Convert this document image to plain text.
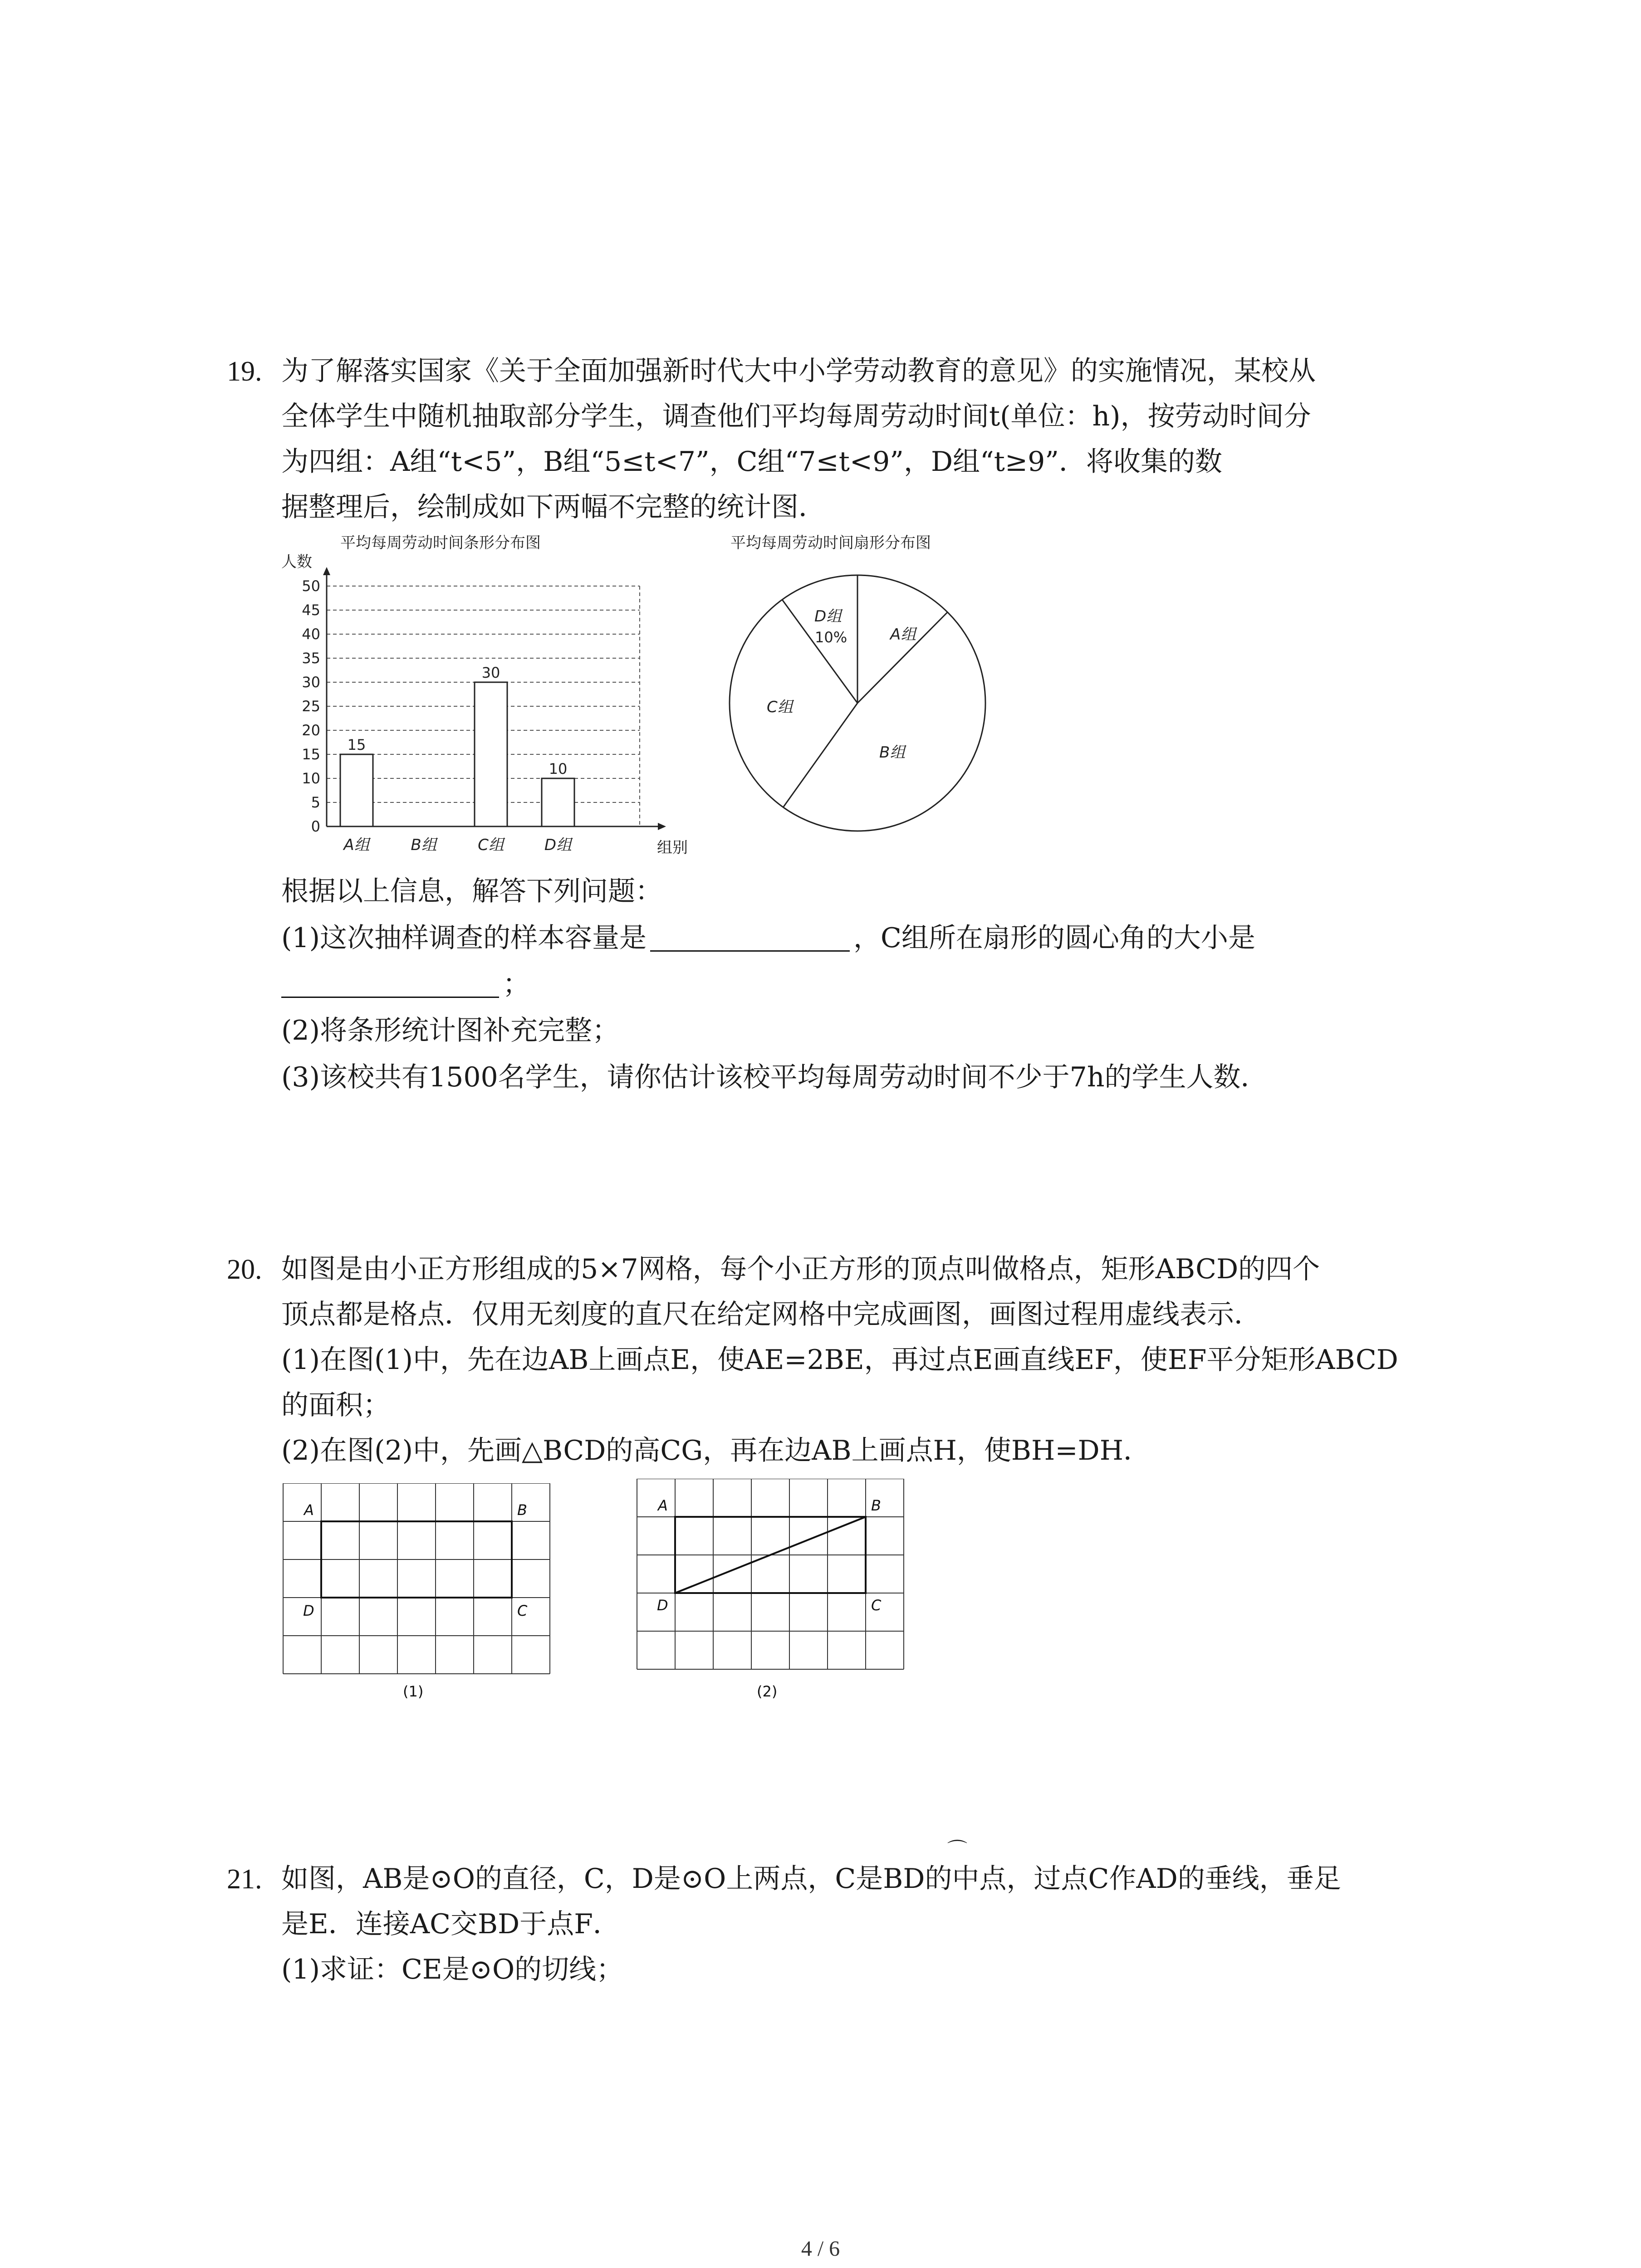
19. 为了解落实国家《关于全面加强新时代大中小学劳动教育的意见》的实施情况，某校从
全体学生中随机抽取部分学生，调查他们平均每周劳动时间t(单位：h)，按劳动时间分
为四组：A组“t<5”，B组“5≤t<7”，C组“7≤t<9”，D组“t≥9”．将收集的数
据整理后，绘制成如下两幅不完整的统计图．
平均每周劳动时间条形分布图
人数
组别
0
5
10
15
20
25
30
35
40
45
50
15
30
10
A组	B组	C组	D组
平均每周劳动时间扇形分布图
D组
10%	A组
C组
B组
根据以上信息，解答下列问题：
(1)这次抽样调查的样本容量是	，C组所在扇形的圆心角的大小是
；
(2)将条形统计图补充完整；
(3)该校共有1500名学生，请你估计该校平均每周劳动时间不少于7h的学生人数．
20. 如图是由小正方形组成的5×7网格，每个小正方形的顶点叫做格点，矩形ABCD的四个
顶点都是格点．仅用无刻度的直尺在给定网格中完成画图，画图过程用虚线表示．
(1)在图(1)中，先在边AB上画点E，使AE=2BE，再过点E画直线EF，使EF平分矩形ABCD
的面积；
(2)在图(2)中，先画△BCD的高CG，再在边AB上画点H，使BH=DH．
A	B
D	C
(1)
A	B
D	C
(2)
⌒
21. 如图，AB是⊙O的直径，C，D是⊙O上两点，C是BD的中点，过点C作AD的垂线，垂足
是E．连接AC交BD于点F．
(1)求证：CE是⊙O的切线；
4 / 6
